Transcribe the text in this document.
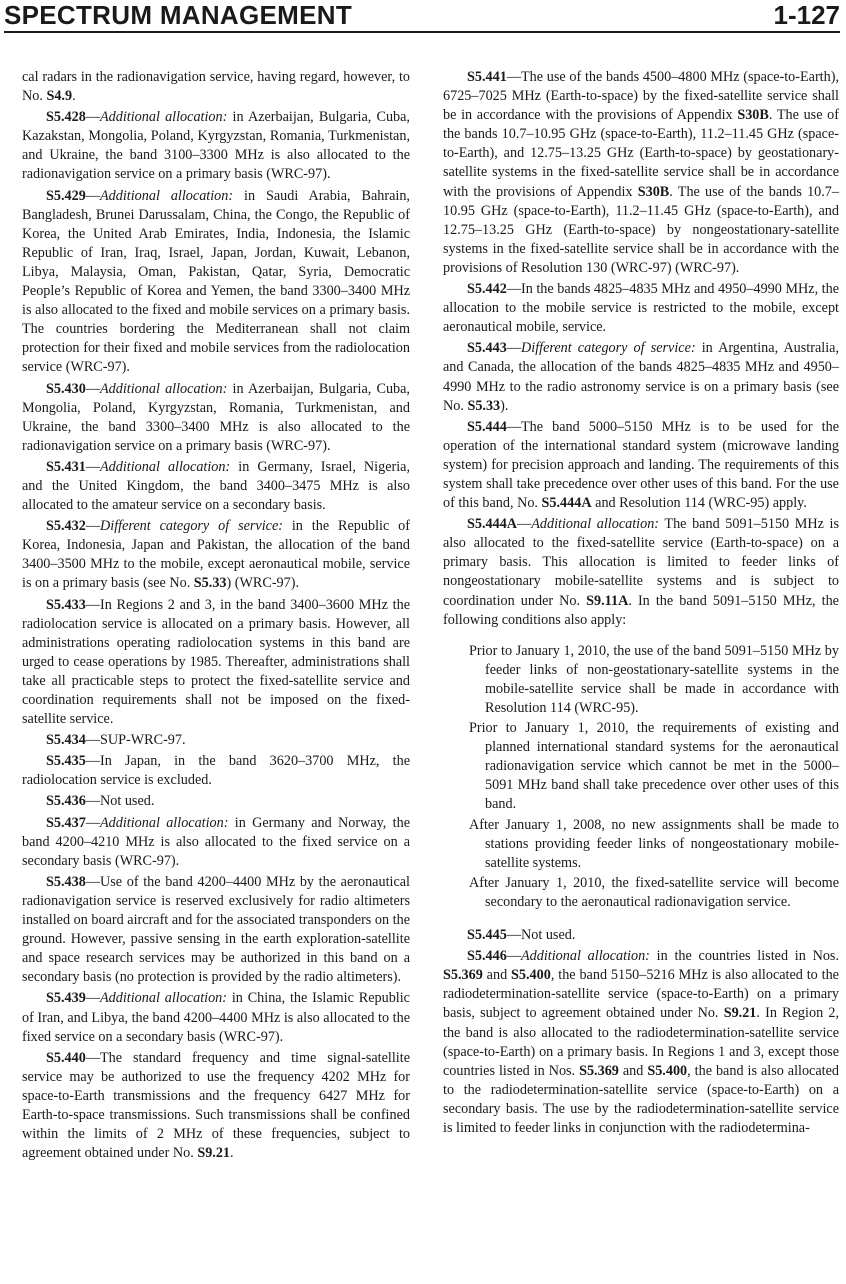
SPECTRUM MANAGEMENT	1-127

cal radars in the radionavigation service, having regard, however, to No. S4.9.

S5.428—Additional allocation: in Azerbaijan, Bulgaria, Cuba, Kazakstan, Mongolia, Poland, Kyrgyzstan, Romania, Turkmenistan, and Ukraine, the band 3100–3300 MHz is also allocated to the radionavigation service on a primary basis (WRC-97).

S5.429—Additional allocation: in Saudi Arabia, Bahrain, Bangladesh, Brunei Darussalam, China, the Congo, the Republic of Korea, the United Arab Emirates, India, Indonesia, the Islamic Republic of Iran, Iraq, Israel, Japan, Jordan, Kuwait, Lebanon, Libya, Malaysia, Oman, Pakistan, Qatar, Syria, Democratic People’s Republic of Korea and Yemen, the band 3300–3400 MHz is also allocated to the fixed and mobile services on a primary basis. The countries bordering the Mediterranean shall not claim protection for their fixed and mobile services from the radiolocation service (WRC-97).

S5.430—Additional allocation: in Azerbaijan, Bulgaria, Cuba, Mongolia, Poland, Kyrgyzstan, Romania, Turkmenistan, and Ukraine, the band 3300–3400 MHz is also allocated to the radionavigation service on a primary basis (WRC-97).

S5.431—Additional allocation: in Germany, Israel, Nigeria, and the United Kingdom, the band 3400–3475 MHz is also allocated to the amateur service on a secondary basis.

S5.432—Different category of service: in the Republic of Korea, Indonesia, Japan and Pakistan, the allocation of the band 3400–3500 MHz to the mobile, except aeronautical mobile, service is on a primary basis (see No. S5.33) (WRC-97).

S5.433—In Regions 2 and 3, in the band 3400–3600 MHz the radiolocation service is allocated on a primary basis. However, all administrations operating radiolocation systems in this band are urged to cease operations by 1985. Thereafter, administrations shall take all practicable steps to protect the fixed-satellite service and coordination requirements shall not be imposed on the fixed-satellite service.

S5.434—SUP-WRC-97.

S5.435—In Japan, in the band 3620–3700 MHz, the radiolocation service is excluded.

S5.436—Not used.

S5.437—Additional allocation: in Germany and Norway, the band 4200–4210 MHz is also allocated to the fixed service on a secondary basis (WRC-97).

S5.438—Use of the band 4200–4400 MHz by the aeronautical radionavigation service is reserved exclusively for radio altimeters installed on board aircraft and for the associated transponders on the ground. However, passive sensing in the earth exploration-satellite and space research services may be authorized in this band on a secondary basis (no protection is provided by the radio altimeters).

S5.439—Additional allocation: in China, the Islamic Republic of Iran, and Libya, the band 4200–4400 MHz is also allocated to the fixed service on a secondary basis (WRC-97).

S5.440—The standard frequency and time signal-satellite service may be authorized to use the frequency 4202 MHz for space-to-Earth transmissions and the frequency 6427 MHz for Earth-to-space transmissions. Such transmissions shall be confined within the limits of 2 MHz of these frequencies, subject to agreement obtained under No. S9.21.

S5.441—The use of the bands 4500–4800 MHz (space-to-Earth), 6725–7025 MHz (Earth-to-space) by the fixed-satellite service shall be in accordance with the provisions of Appendix S30B. The use of the bands 10.7–10.95 GHz (space-to-Earth), 11.2–11.45 GHz (space-to-Earth), and 12.75–13.25 GHz (Earth-to-space) by geostationary-satellite systems in the fixed-satellite service shall be in accordance with the provisions of Appendix S30B. The use of the bands 10.7–10.95 GHz (space-to-Earth), 11.2–11.45 GHz (space-to-Earth), and 12.75–13.25 GHz (Earth-to-space) by nongeostationary-satellite systems in the fixed-satellite service shall be in accordance with the provisions of Resolution 130 (WRC-97) (WRC-97).

S5.442—In the bands 4825–4835 MHz and 4950–4990 MHz, the allocation to the mobile service is restricted to the mobile, except aeronautical mobile, service.

S5.443—Different category of service: in Argentina, Australia, and Canada, the allocation of the bands 4825–4835 MHz and 4950–4990 MHz to the radio astronomy service is on a primary basis (see No. S5.33).

S5.444—The band 5000–5150 MHz is to be used for the operation of the international standard system (microwave landing system) for precision approach and landing. The requirements of this system shall take precedence over other uses of this band. For the use of this band, No. S5.444A and Resolution 114 (WRC-95) apply.

S5.444A—Additional allocation: The band 5091–5150 MHz is also allocated to the fixed-satellite service (Earth-to-space) on a primary basis. This allocation is limited to feeder links of nongeostationary mobile-satellite systems and is subject to coordination under No. S9.11A. In the band 5091–5150 MHz, the following conditions also apply:

Prior to January 1, 2010, the use of the band 5091–5150 MHz by feeder links of non-geostationary-satellite systems in the mobile-satellite service shall be made in accordance with Resolution 114 (WRC-95).
Prior to January 1, 2010, the requirements of existing and planned international standard systems for the aeronautical radionavigation service which cannot be met in the 5000–5091 MHz band shall take precedence over other uses of this band.
After January 1, 2008, no new assignments shall be made to stations providing feeder links of nongeostationary mobile-satellite systems.
After January 1, 2010, the fixed-satellite service will become secondary to the aeronautical radionavigation service.

S5.445—Not used.

S5.446—Additional allocation: in the countries listed in Nos. S5.369 and S5.400, the band 5150–5216 MHz is also allocated to the radiodetermination-satellite service (space-to-Earth) on a primary basis, subject to agreement obtained under No. S9.21. In Region 2, the band is also allocated to the radiodetermination-satellite service (space-to-Earth) on a primary basis. In Regions 1 and 3, except those countries listed in Nos. S5.369 and S5.400, the band is also allocated to the radiodetermination-satellite service (space-to-Earth) on a secondary basis. The use by the radiodetermination-satellite service is limited to feeder links in conjunction with the radiodetermina-
